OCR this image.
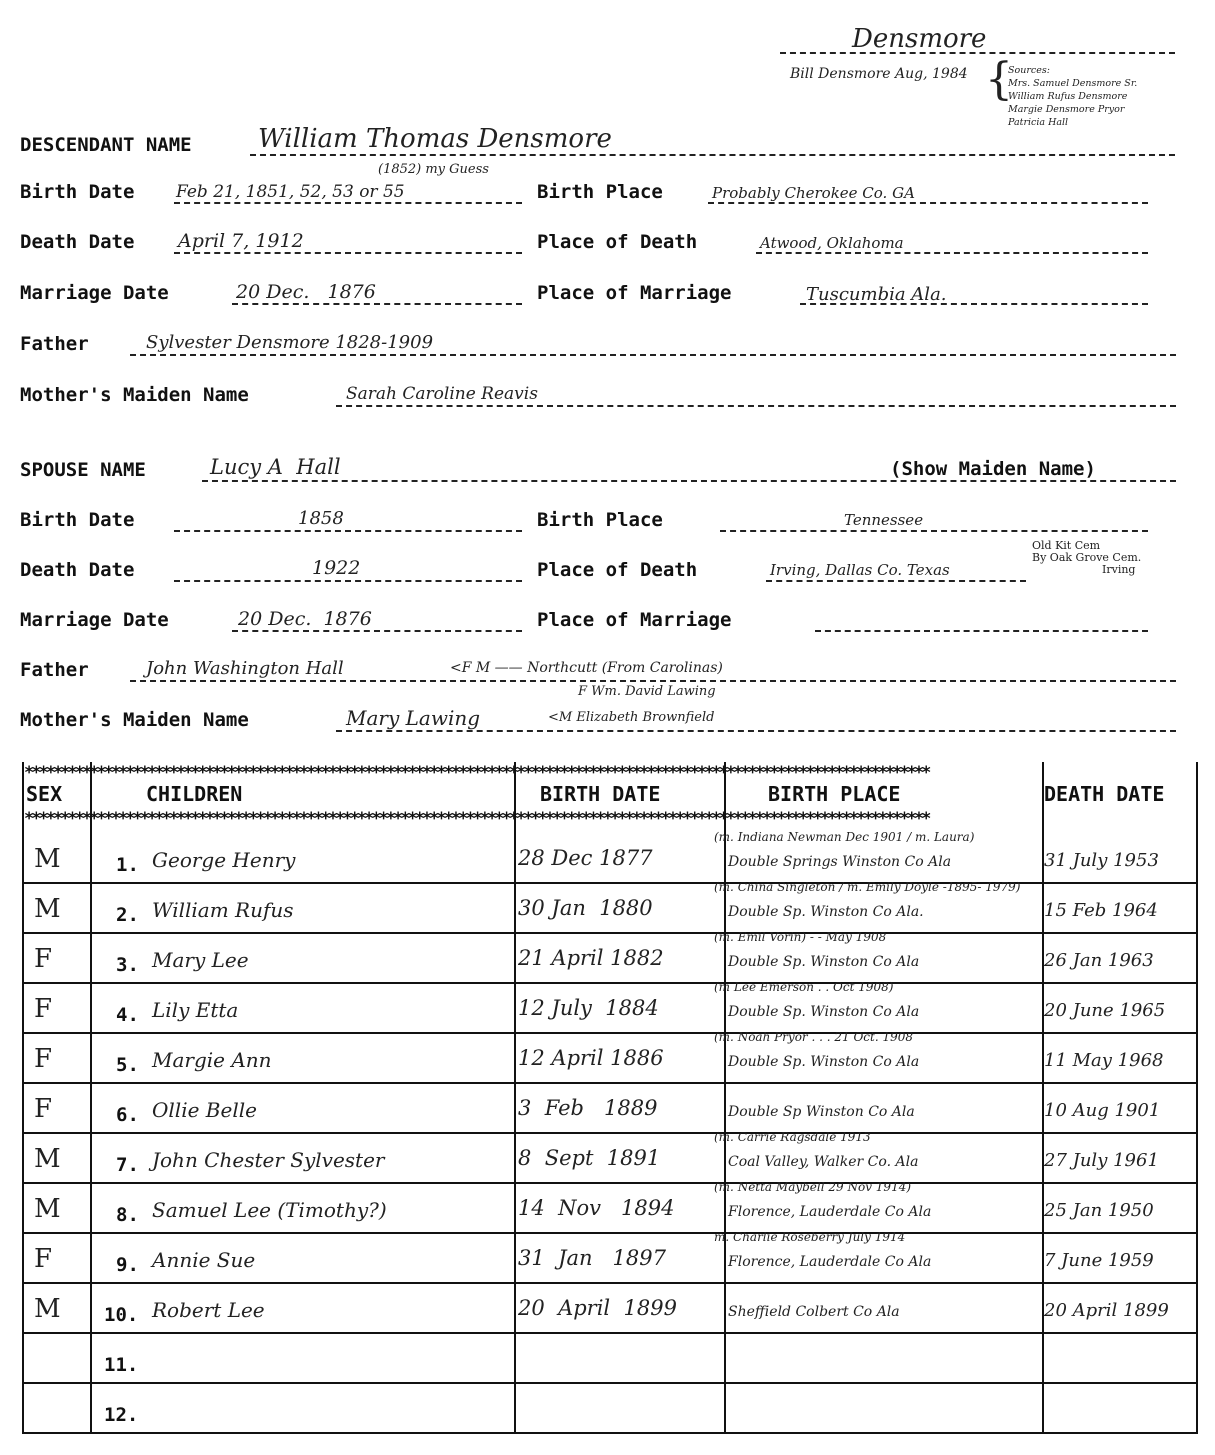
Densmore
Bill Densmore Aug, 1984 {
Sources:
Mrs. Samuel Densmore Sr.
William Rufus Densmore
Margie Densmore Pryor
Patricia Hall
DESCENDANT NAME	William Thomas Densmore
Birth Date Feb 21, 1851, 52, 53 or 55
(1852) my Guess
Birth Place	Probably Cherokee Co. GA
Death Date April 7, 1912	Place of Death	Atwood, Oklahoma
Marriage Date	20 Dec.   1876	Place of Marriage	Tuscumbia Ala.
Father	Sylvester Densmore 1828-1909
Mother's Maiden Name	Sarah Caroline Reavis
SPOUSE NAME	Lucy A  Hall	(Show Maiden Name)
Birth Date	1858	Birth Place	Tennessee
Death Date	1922	Place of Death	Irving, Dallas Co. Texas
Old Kit Cem
By Oak Grove Cem.
Irving
Marriage Date	20 Dec.  1876	Place of Marriage
Father	John Washington Hall	<F M —— Northcutt (From Carolinas)
Mother's Maiden Name	Mary Lawing
F Wm. David Lawing
<M Elizabeth Brownfield
*****************************************************************************************************************************
*****************************************************************************************************************************
SEX	CHILDREN	BIRTH DATE	BIRTH PLACE	DEATH DATE
M	1. George Henry	28 Dec 1877	Double Springs Winston Co Ala	31 July 1953
(m. Indiana Newman Dec 1901 / m. Laura)
M	2. William Rufus	30 Jan  1880	Double Sp. Winston Co Ala.	15 Feb 1964
(m. China Singleton / m. Emily Doyle -1895- 1979)
F	3. Mary Lee	21 April 1882	Double Sp. Winston Co Ala	26 Jan 1963
(m. Emil Vorin) - - May 1908
F	4. Lily Etta	12 July  1884	Double Sp. Winston Co Ala	20 June 1965
(m Lee Emerson . . Oct 1908)
F	5. Margie Ann	12 April 1886	Double Sp. Winston Co Ala	11 May 1968
(m. Noah Pryor . . . 21 Oct. 1908
F	6. Ollie Belle	3  Feb   1889	Double Sp Winston Co Ala	10 Aug 1901
M	7. John Chester Sylvester	8  Sept  1891	Coal Valley, Walker Co. Ala	27 July 1961
(m. Carrie Ragsdale 1913
M	8. Samuel Lee (Timothy?)	14  Nov   1894	Florence, Lauderdale Co Ala	25 Jan 1950
(m. Netta Maybell 29 Nov 1914)
F	9. Annie Sue	31  Jan   1897	Florence, Lauderdale Co Ala	7 June 1959
m. Charlie Roseberry July 1914
M 10. Robert Lee	20  April  1899	Sheffield Colbert Co Ala	20 April 1899
11.
12.
